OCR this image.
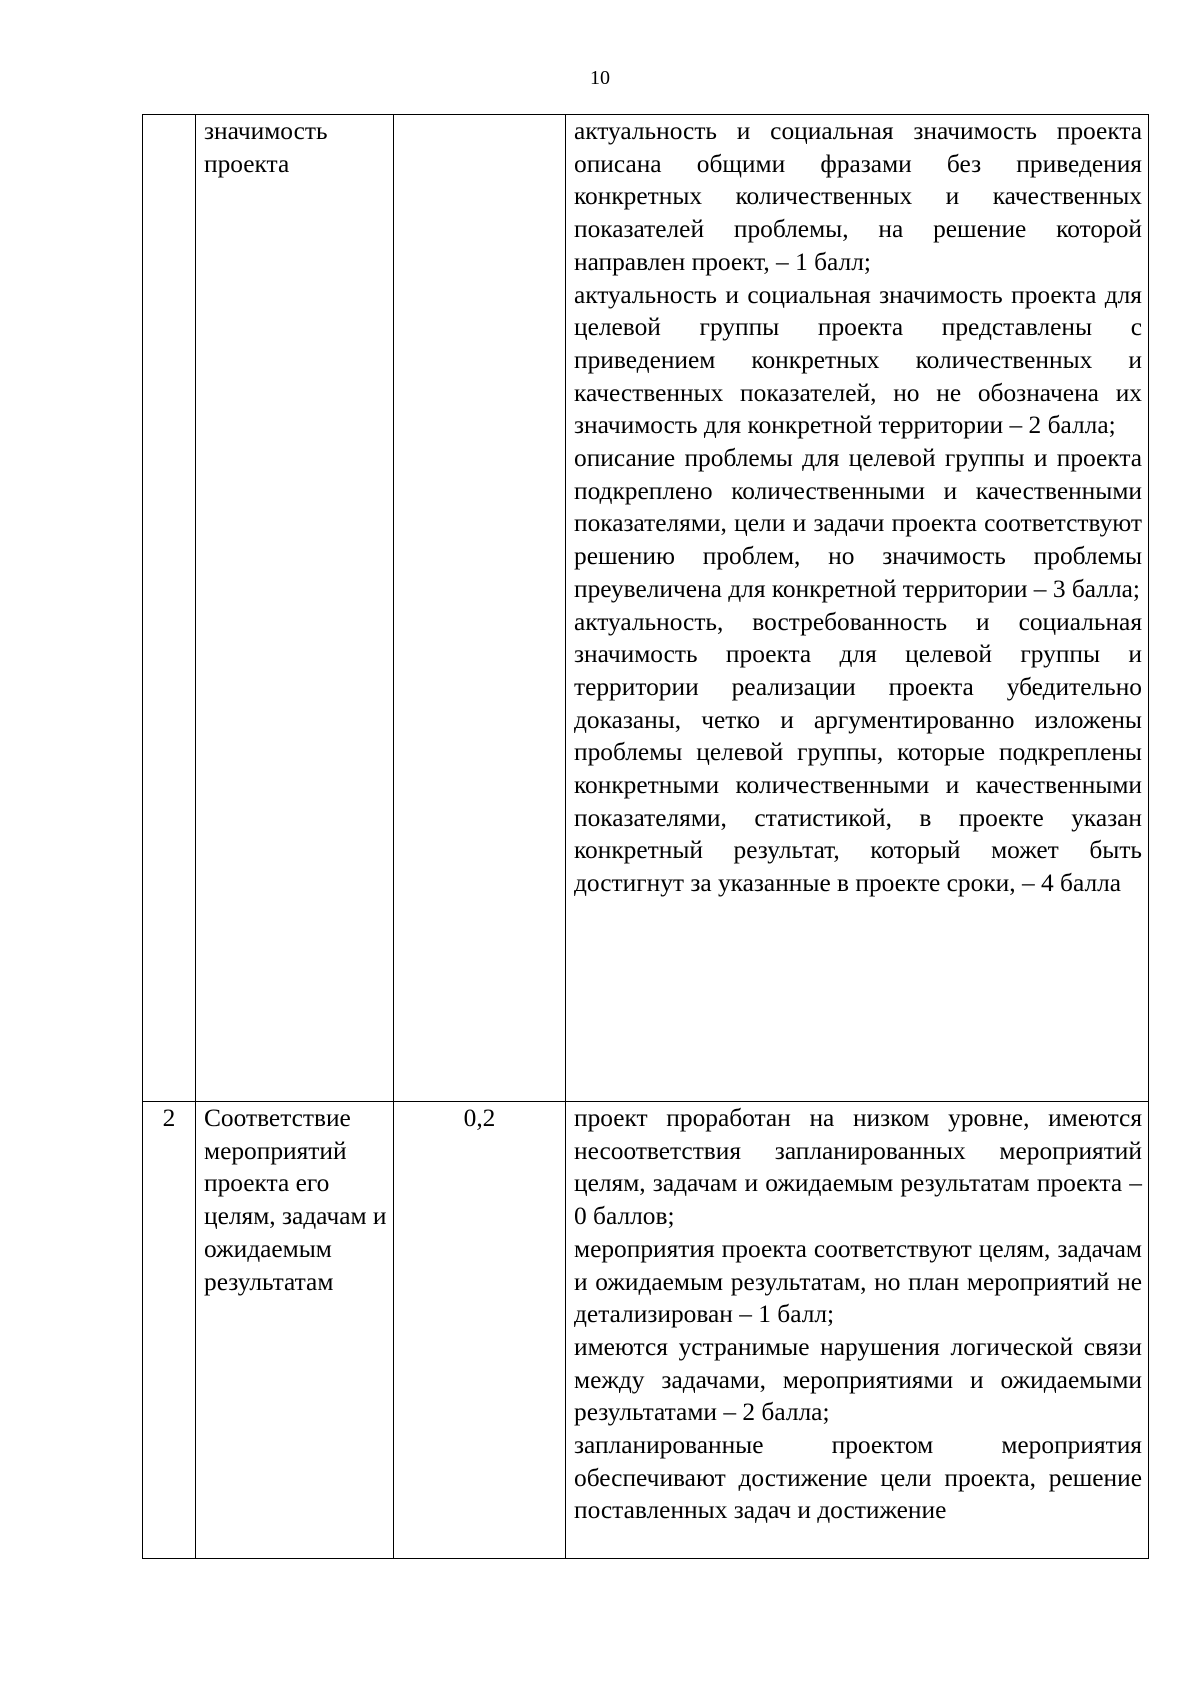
10
	значимость проекта		актуальность и социальная значимость проекта описана общими фразами без приведения конкретных количественных и качественных показателей проблемы, на решение которой направлен проект, – 1 балл;
актуальность и социальная значимость проекта для целевой группы проекта представлены с приведением конкретных количественных и качественных показателей, но не обозначена их значимость для конкретной территории – 2 балла;
описание проблемы для целевой группы и проекта подкреплено количественными и качественными показателями, цели и задачи проекта соответствуют решению проблем, но значимость проблемы преувеличена для конкретной территории – 3 балла;
актуальность, востребованность и социальная значимость проекта для целевой группы и территории реализации проекта убедительно доказаны, четко и аргументированно изложены проблемы целевой группы, которые подкреплены конкретными количественными и качественными показателями, статистикой, в проекте указан конкретный результат, который может быть достигнут за указанные в проекте сроки, – 4 балла

2	Соответствие мероприятий проекта его целям, задачам и ожидаемым результатам	0,2	проект проработан на низком уровне, имеются несоответствия запланированных мероприятий целям, задачам и ожидаемым результатам проекта – 0 баллов;
мероприятия проекта соответствуют целям, задачам и ожидаемым результатам, но план мероприятий не детализирован – 1 балл;
имеются устранимые нарушения логической связи между задачами, мероприятиями и ожидаемыми результатами – 2 балла;
запланированные проектом мероприятия обеспечивают достижение цели проекта, решение поставленных задач и достижение
